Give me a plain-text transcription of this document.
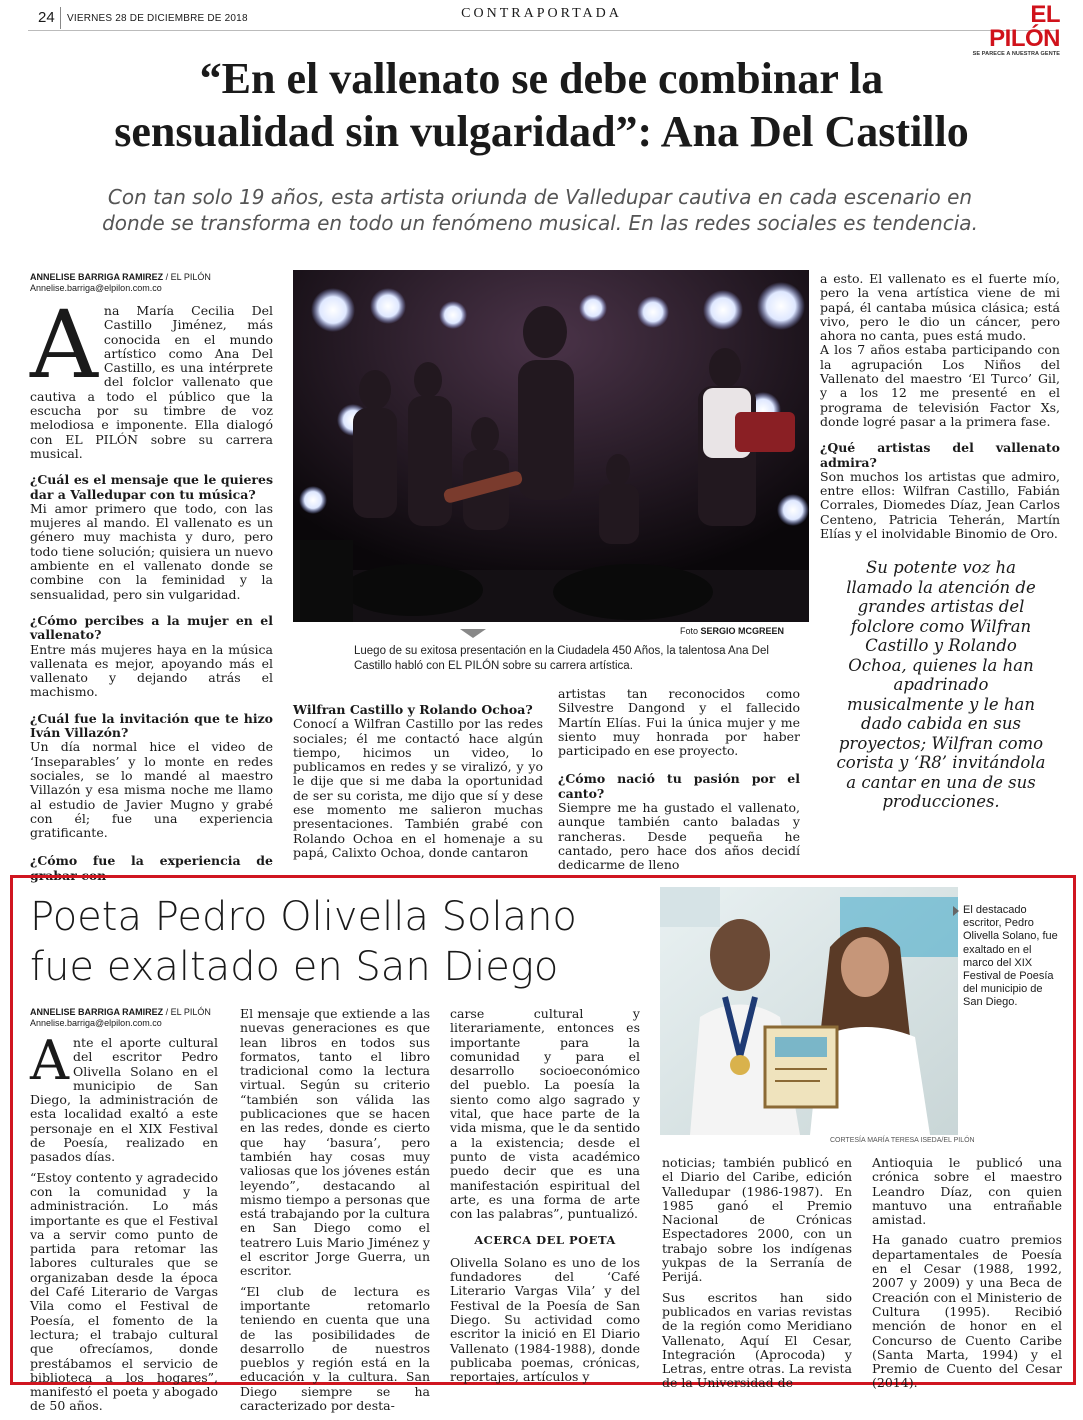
24 VIERNES 28 DE DICIEMBRE DE 2018	CONTRAPORTADA	EL PILÓN
SE PARECE A NUESTRA GENTE
“En el vallenato se debe combinar la
sensualidad sin vulgaridad”: Ana Del Castillo
Con tan solo 19 años, esta artista oriunda de Valledupar cautiva en cada escenario en
donde se transforma en todo un fenómeno musical. En las redes sociales es tendencia.
ANNELISE BARRIGA RAMIREZ / EL PILÓN
Annelise.barriga@elpilon.com.co

Ana María Cecilia Del Castillo Jiménez, más conocida en el mundo artístico como Ana Del Castillo, es una intérprete del folclor vallenato que cautiva a todo el público que la escucha por su timbre de voz melodiosa e imponente. Ella dialogó con EL PILÓN sobre su carrera musical.

¿Cuál es el mensaje que le quieres dar a Valledupar con tu música?

Mi amor primero que todo, con las mujeres al mando. El vallenato es un género muy machista y duro, pero todo tiene solución; quisiera un nuevo ambiente en el vallenato donde se combine con la feminidad y la sensualidad, pero sin vulgaridad.

¿Cómo percibes a la mujer en el vallenato?

Entre más mujeres haya en la música vallenata es mejor, apoyando más el vallenato y dejando atrás el machismo.

¿Cuál fue la invitación que te hizo Iván Villazón?

Un día normal hice el video de ‘Inseparables’ y lo monte en redes sociales, se lo mandé al maestro Villazón y esa misma noche me llamo al estudio de Javier Mugno y grabé con él; fue una experiencia gratificante.

¿Cómo fue la experiencia de grabar con

Foto SERGIO MCGREEN
Luego de su exitosa presentación en la Ciudadela 450 Años, la talentosa Ana Del Castillo habló con EL PILÓN sobre su carrera artística.

Wilfran Castillo y Rolando Ochoa?

Conocí a Wilfran Castillo por las redes sociales; él me contactó hace algún tiempo, hicimos un video, lo publicamos en redes y se viralizó, y yo le dije que si me daba la oportunidad de ser su corista, me dijo que sí y dese ese momento me salieron muchas presentaciones. También grabé con Rolando Ochoa en el homenaje a su papá, Calixto Ochoa, donde cantaron

artistas tan reconocidos como Silvestre Dangond y el fallecido Martín Elías. Fui la única mujer y me siento muy honrada por haber participado en ese proyecto.

¿Cómo nació tu pasión por el canto?

Siempre me ha gustado el vallenato, aunque también canto baladas y rancheras. Desde pequeña he cantado, pero hace dos años decidí dedicarme de lleno

a esto. El vallenato es el fuerte mío, pero la vena artística viene de mi papá, él cantaba música clásica; está vivo, pero le dio un cáncer, pero ahora no canta, pues está mudo.

A los 7 años estaba participando con la agrupación Los Niños del Vallenato del maestro ‘El Turco’ Gil, y a los 12 me presenté en el programa de televisión Factor Xs, donde logré pasar a la primera fase.

¿Qué artistas del vallenato admira?

Son muchos los artistas que admiro, entre ellos: Wilfran Castillo, Fabián Corrales, Diomedes Díaz, Jean Carlos Centeno, Patricia Teherán, Martín Elías y el inolvidable Binomio de Oro.

Su potente voz ha llamado la atención de grandes artistas del folclore como Wilfran Castillo y Rolando Ochoa, quienes la han apadrinado musicalmente y le han dado cabida en sus proyectos; Wilfran como corista y ‘R8’ invitándola a cantar en una de sus producciones.
Poeta Pedro Olivella Solano
fue exaltado en San Diego
ANNELISE BARRIGA RAMIREZ / EL PILÓN
Annelise.barriga@elpilon.com.co

Ante el aporte cultural del escritor Pedro Olivella Solano en el municipio de San Diego, la administración de esta localidad exaltó a este personaje en el XIX Festival de Poesía, realizado en pasados días.

“Estoy contento y agradecido con la comunidad y la administración. Lo más importante es que el Festival va a servir como punto de partida para retomar las labores culturales que se organizaban desde la época del Café Literario de Vargas Vila como el Festival de Poesía, el fomento de la lectura; el trabajo cultural que ofrecíamos, donde prestábamos el servicio de biblioteca a los hogares”, manifestó el poeta y abogado de 50 años.

El mensaje que extiende a las nuevas generaciones es que lean libros en todos sus formatos, tanto el libro tradicional como la lectura virtual. Según su criterio “también son válida las publicaciones que se hacen en las redes, donde es cierto que hay ‘basura’, pero también hay cosas muy valiosas que los jóvenes están leyendo”, destacando al mismo tiempo a personas que está trabajando por la cultura en San Diego como el teatrero Luis Mario Jiménez y el escritor Jorge Guerra, un escritor.

“El club de lectura es importante retomarlo teniendo en cuenta que una de las posibilidades de desarrollo de nuestros pueblos y región está en la educación y la cultura. San Diego siempre se ha caracterizado por desta-

carse cultural y literariamente, entonces es importante para la comunidad y para el desarrollo socioeconómico del pueblo. La poesía la siento como algo sagrado y vital, que hace parte de la vida misma, que le da sentido a la existencia; desde el punto de vista académico puedo decir que es una manifestación espiritual del arte, es una forma de arte con las palabras”, puntualizó.

ACERCA DEL POETA

Olivella Solano es uno de los fundadores del ‘Café Literario Vargas Vila’ y del Festival de la Poesía de San Diego. Su actividad como escritor la inició en El Diario Vallenato (1984-1988), donde publicaba poemas, crónicas, reportajes, artículos y

CORTESÍA MARÍA TERESA ISEDA/EL PILÓN
El destacado escritor, Pedro Olivella Solano, fue exaltado en el marco del XIX Festival de Poesía del municipio de San Diego.

noticias; también publicó en el Diario del Caribe, edición Valledupar (1986-1987). En 1985 ganó el Premio Nacional de Crónicas Espectadores 2000, con un trabajo sobre los indígenas yukpas de la Serranía de Perijá.

Sus escritos han sido publicados en varias revistas de la región como Meridiano Vallenato, Aquí El Cesar, Integración (Aprocoda) y Letras, entre otras. La revista de la Universidad de

Antioquia le publicó una crónica sobre el maestro Leandro Díaz, con quien mantuvo una entrañable amistad.

Ha ganado cuatro premios departamentales de Poesía en el Cesar (1988, 1992, 2007 y 2009) y una Beca de Creación con el Ministerio de Cultura (1995). Recibió mención de honor en el Concurso de Cuento Caribe (Santa Marta, 1994) y el Premio de Cuento del Cesar (2014).
